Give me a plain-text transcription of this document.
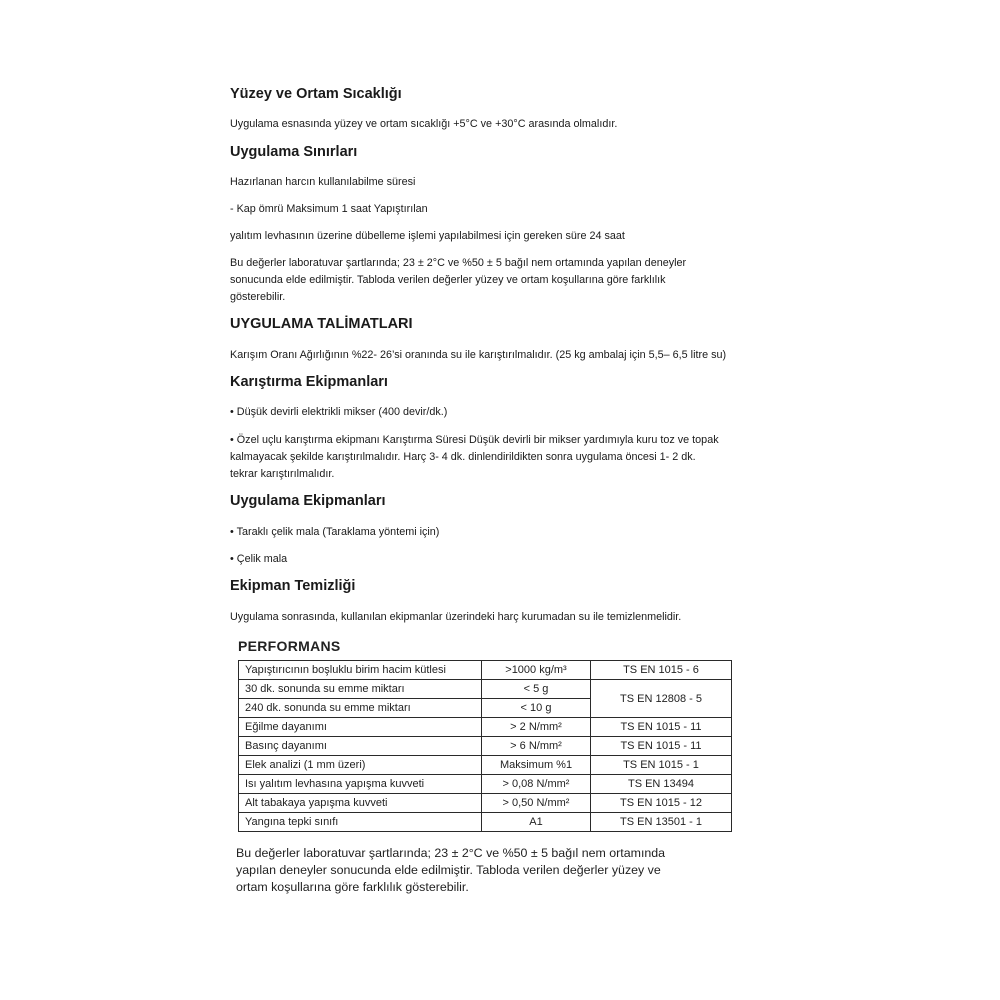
Yüzey ve Ortam Sıcaklığı
Uygulama esnasında yüzey ve ortam sıcaklığı +5°C ve +30°C arasında olmalıdır.
Uygulama Sınırları
Hazırlanan harcın kullanılabilme süresi
- Kap ömrü Maksimum 1 saat Yapıştırılan
yalıtım levhasının üzerine dübelleme işlemi yapılabilmesi için gereken süre 24 saat
Bu değerler laboratuvar şartlarında; 23 ± 2°C ve %50 ± 5 bağıl nem ortamında yapılan deneyler
sonucunda elde edilmiştir. Tabloda verilen değerler yüzey ve ortam koşullarına göre farklılık
gösterebilir.
UYGULAMA TALİMATLARI
Karışım Oranı Ağırlığının %22- 26’si oranında su ile karıştırılmalıdır. (25 kg ambalaj için 5,5– 6,5 litre su)
Karıştırma Ekipmanları
• Düşük devirli elektrikli mikser (400 devir/dk.)
• Özel uçlu karıştırma ekipmanı Karıştırma Süresi Düşük devirli bir mikser yardımıyla kuru toz ve topak
kalmayacak şekilde karıştırılmalıdır. Harç 3- 4 dk. dinlendirildikten sonra uygulama öncesi 1- 2 dk.
tekrar karıştırılmalıdır.
Uygulama Ekipmanları
• Taraklı çelik mala (Taraklama yöntemi için)
• Çelik mala
Ekipman Temizliği
Uygulama sonrasında, kullanılan ekipmanlar üzerindeki harç kurumadan su ile temizlenmelidir.
PERFORMANS
Yapıştırıcının boşluklu birim hacim kütlesi	>1000 kg/m³	TS EN 1015 - 6
30 dk. sonunda su emme miktarı	< 5 g	TS EN 12808 - 5
240 dk. sonunda su emme miktarı	< 10 g	
Eğilme dayanımı	> 2 N/mm²	TS EN 1015 - 11
Basınç dayanımı	> 6 N/mm²	TS EN 1015 - 11
Elek analizi (1 mm üzeri)	Maksimum %1	TS EN 1015 - 1
Isı yalıtım levhasına yapışma kuvveti	> 0,08 N/mm²	TS EN 13494
Alt tabakaya yapışma kuvveti	> 0,50 N/mm²	TS EN 1015 - 12
Yangına tepki sınıfı	A1	TS EN 13501 - 1
Bu değerler laboratuvar şartlarında; 23 ± 2°C ve %50 ± 5 bağıl nem ortamında
yapılan deneyler sonucunda elde edilmiştir. Tabloda verilen değerler yüzey ve
ortam koşullarına göre farklılık gösterebilir.
